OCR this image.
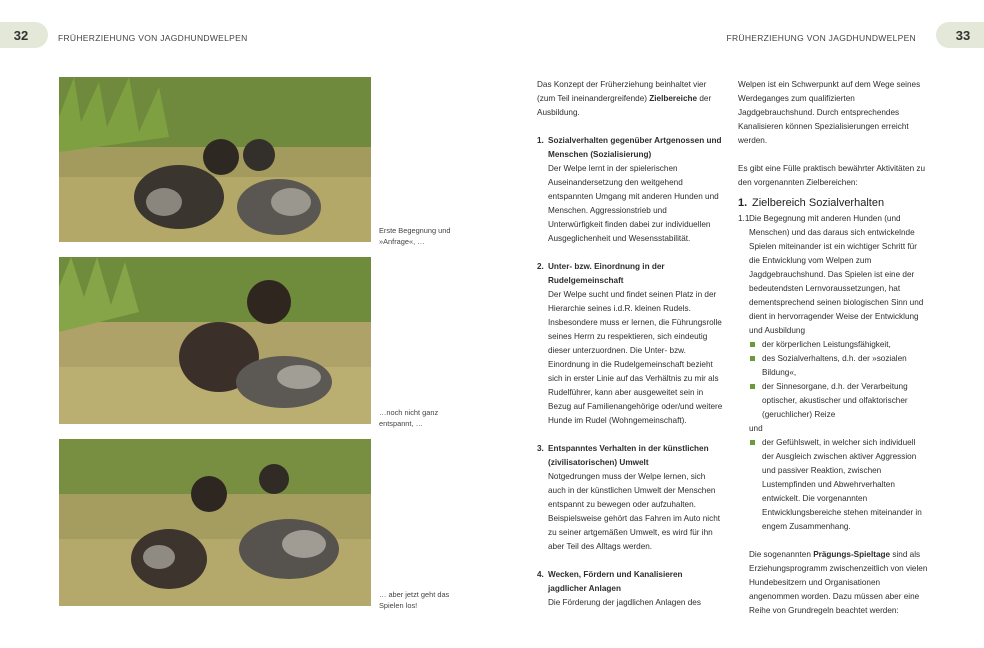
32	FRÜHERZIEHUNG VON JAGDHUNDWELPEN	FRÜHERZIEHUNG VON JAGDHUNDWELPEN	33
Erste Begegnung und »Anfrage«, …
…noch nicht ganz entspannt, …
… aber jetzt geht das Spielen los!

Das Konzept der Früherziehung beinhaltet vier (zum Teil ineinandergreifende) Zielbereiche der Ausbildung.

1. Sozialverhalten gegenüber Artgenossen und Menschen (Sozialisierung)
Der Welpe lernt in der spielerischen Auseinandersetzung den weitgehend entspannten Umgang mit anderen Hunden und Menschen. Aggressionstrieb und Unterwürfigkeit finden dabei zur individuellen Ausgeglichenheit und Wesensstabilität.
2. Unter- bzw. Einordnung in der Rudelgemeinschaft
Der Welpe sucht und findet seinen Platz in der Hierarchie seines i.d.R. kleinen Rudels. Insbesondere muss er lernen, die Führungsrolle seines Herrn zu respektieren, sich eindeutig dieser unterzuordnen. Die Unter- bzw. Einordnung in die Rudelgemeinschaft bezieht sich in erster Linie auf das Verhältnis zu mir als Rudelführer, kann aber ausgeweitet sein in Bezug auf Familienangehörige oder/und weitere Hunde im Rudel (Wohngemeinschaft).
3. Entspanntes Verhalten in der künstlichen (zivilisatorischen) Umwelt
Notgedrungen muss der Welpe lernen, sich auch in der künstlichen Umwelt der Menschen entspannt zu bewegen oder aufzuhalten. Beispielsweise gehört das Fahren im Auto nicht zu seiner artgemäßen Umwelt, es wird für ihn aber Teil des Alltags werden.
4. Wecken, Fördern und Kanalisieren jagdlicher Anlagen
Die Förderung der jagdlichen Anlagen des

Welpen ist ein Schwerpunkt auf dem Wege seines Werdeganges zum qualifizierten Jagdgebrauchshund. Durch entsprechendes Kanalisieren können Spezialisierungen erreicht werden.

Es gibt eine Fülle praktisch bewährter Aktivitäten zu den vorgenannten Zielbereichen:

1. Zielbereich Sozialverhalten
1.1 Die Begegnung mit anderen Hunden (und Menschen) und das daraus sich entwickelnde Spielen miteinander ist ein wichtiger Schritt für die Entwicklung vom Welpen zum Jagdgebrauchshund. Das Spielen ist eine der bedeutendsten Lernvoraussetzungen, hat dementsprechend seinen biologischen Sinn und dient in hervorragender Weise der Entwicklung und Ausbildung
der körperlichen Leistungsfähigkeit,
des Sozialverhaltens, d.h. der »sozialen Bildung«,
der Sinnesorgane, d.h. der Verarbeitung optischer, akustischer und olfaktorischer (geruchlicher) Reize
und
der Gefühlswelt, in welcher sich individuell der Ausgleich zwischen aktiver Aggression und passiver Reaktion, zwischen Lustempfinden und Abwehrverhalten entwickelt. Die vorgenannten Entwicklungsbereiche stehen miteinander in engem Zusammenhang.

Die sogenannten Prägungs-Spieltage sind als Erziehungsprogramm zwischenzeitlich von vielen Hundebesitzern und Organisationen angenommen worden. Dazu müssen aber eine Reihe von Grundregeln beachtet werden:
